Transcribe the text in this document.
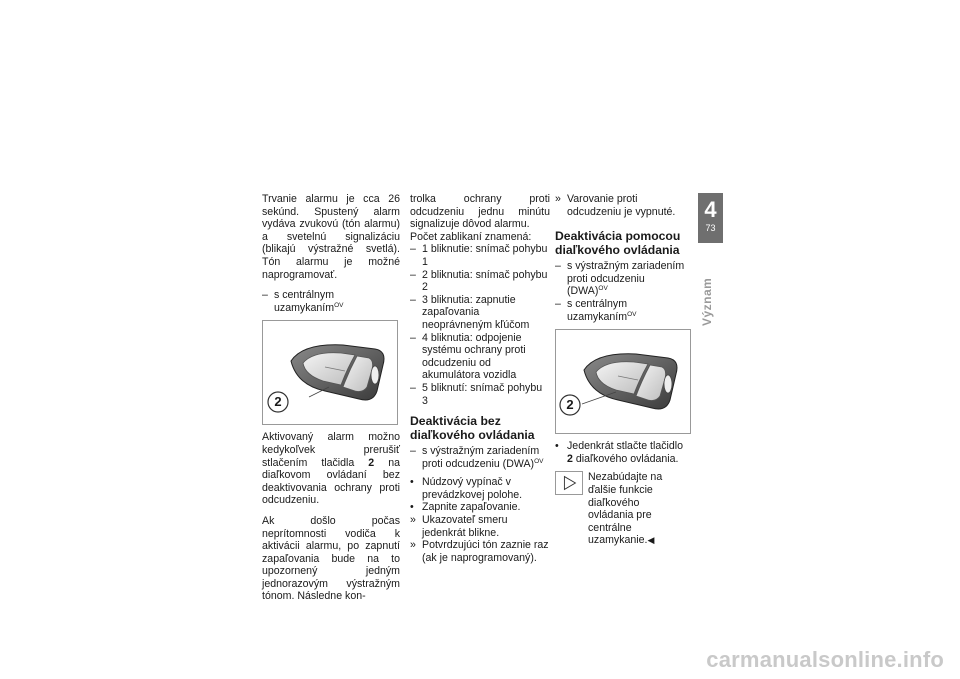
Trvanie alarmu je cca 26 sekúnd. Spustený alarm vydáva zvukovú (tón alarmu) a svetelnú signalizáciu (blikajú výstražné svetlá). Tón alarmu je možné naprogramovať.

– s centrálnym uzamykaním$^{OV}$
2

Aktivovaný alarm možno kedykoľvek prerušiť stlačením tlačidla 2 na diaľkovom ovládaní bez deaktivovania ochrany proti odcudzeniu.

Ak došlo počas neprítomnosti vodiča k aktivácii alarmu, po zapnutí zapaľovania bude na to upozornený jedným jednorazovým výstražným tónom. Následne kon-

trolka ochrany proti odcudzeniu jednu minútu signalizuje dôvod alarmu.

Počet zablikaní znamená:

– 1 bliknutie: snímač pohybu 1
– 2 bliknutia: snímač pohybu 2
– 3 bliknutia: zapnutie zapaľovania neoprávneným kľúčom
– 4 bliknutia: odpojenie systému ochrany proti odcudzeniu od akumulátora vozidla
– 5 bliknutí: snímač pohybu 3
Deaktivácia bez diaľkového ovládania
– s výstražným zariadením proti odcudzeniu (DWA)$^{OV}$
• Núdzový vypínač v prevádzkovej polohe.
• Zapnite zapaľovanie.
» Ukazovateľ smeru jedenkrát blikne.
» Potvrdzujúci tón zaznie raz (ak je naprogramovaný).
» Varovanie proti odcudzeniu je vypnuté.
Deaktivácia pomocou diaľkového ovládania
– s výstražným zariadením proti odcudzeniu (DWA)$^{OV}$
– s centrálnym uzamykaním$^{OV}$
2
• Jedenkrát stlačte tlačidlo 2 diaľkového ovládania.
Nezabúdajte na ďalšie funkcie diaľkového ovládania pre centrálne uzamykanie.◀
4
73
Význam
carmanualsonline.info
